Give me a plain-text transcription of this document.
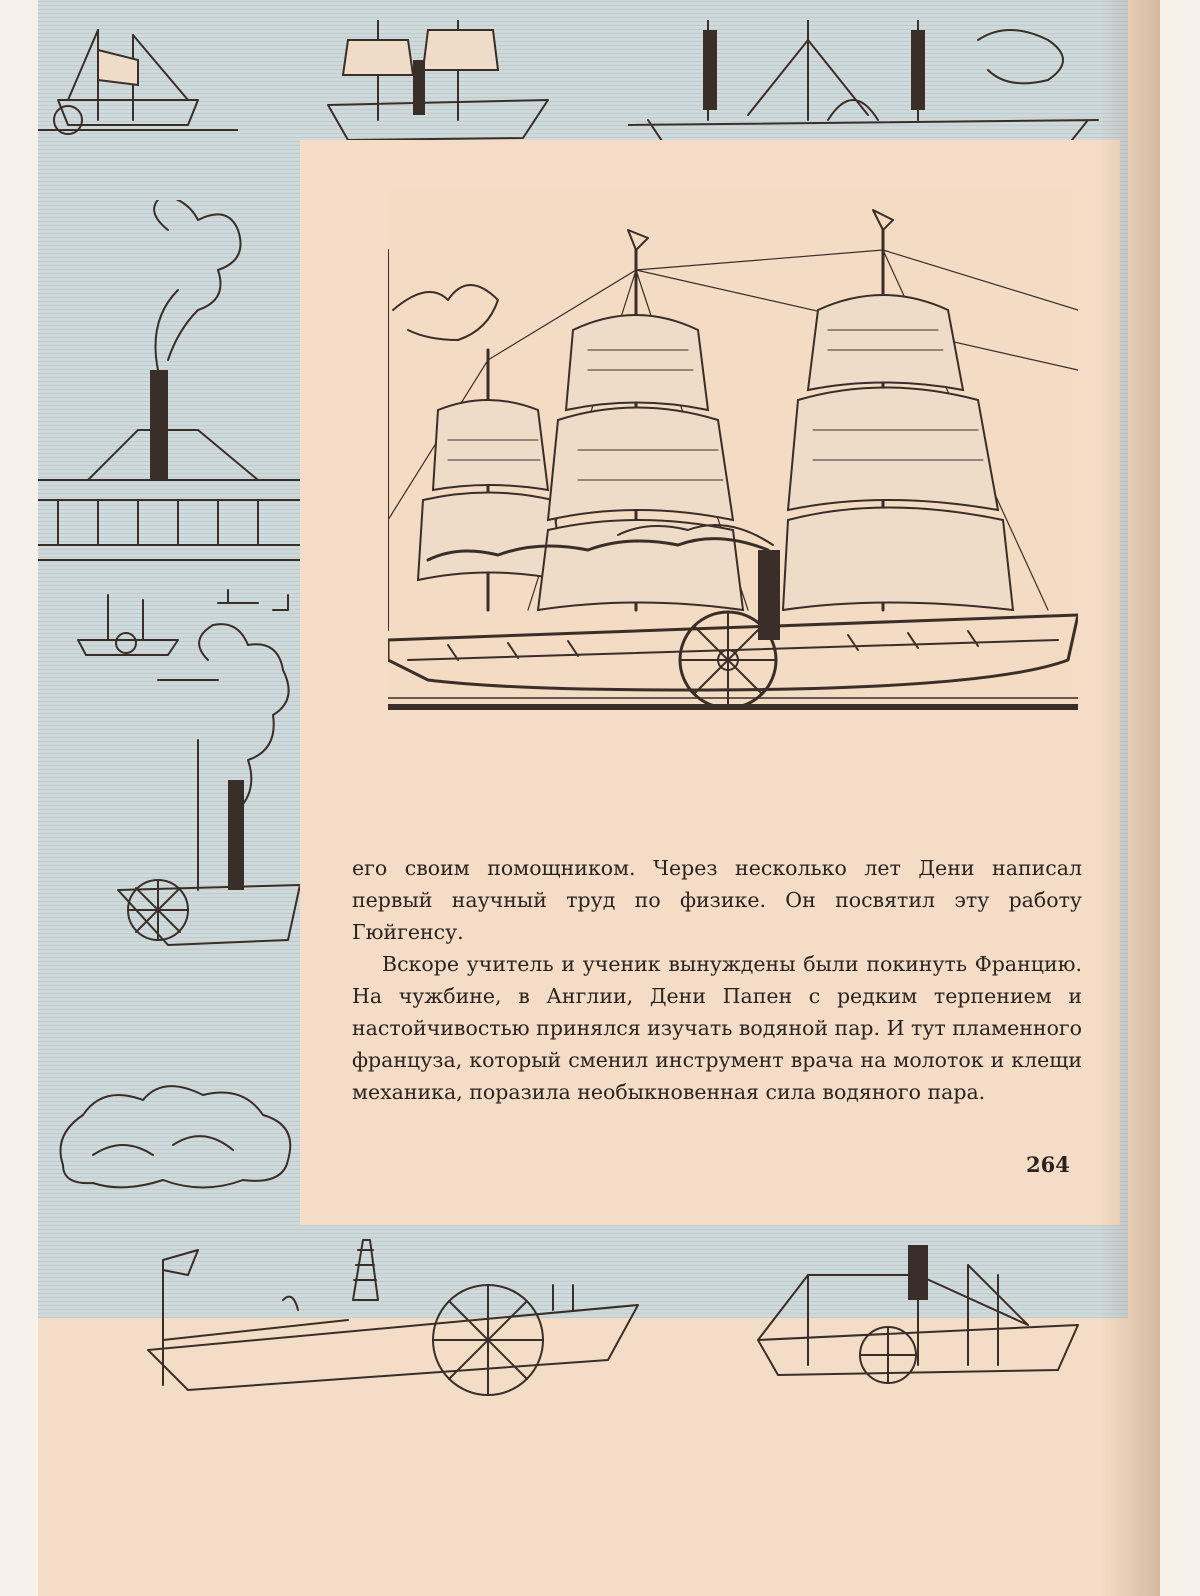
его своим помощником. Через несколько лет Дени написал первый научный труд по физике. Он посвятил эту работу Гюйгенсу.

Вскоре учитель и ученик вынуждены были покинуть Францию. На чужбине, в Англии, Дени Папен с редким терпением и настойчивостью принялся изучать водяной пар. И тут пламенного француза, который сменил инструмент врача на молоток и клещи механика, поразила необыкновенная сила водяного пара.

264
